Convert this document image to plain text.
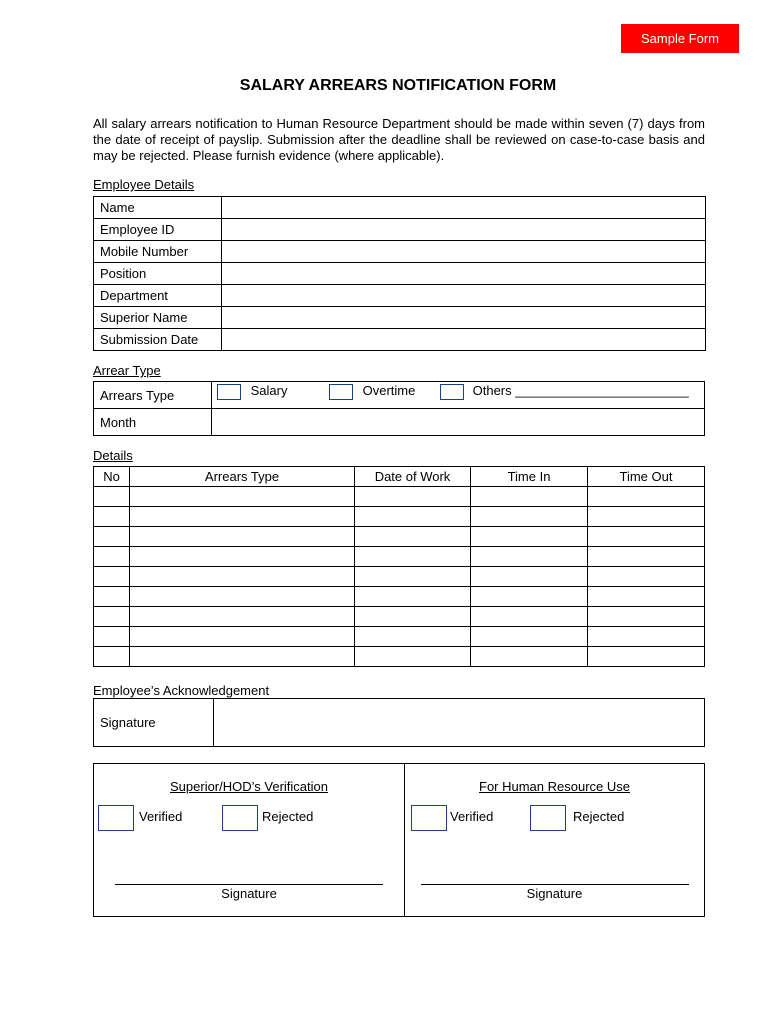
Sample Form
SALARY ARREARS NOTIFICATION FORM
All salary arrears notification to Human Resource Department should be made within seven (7) days from the date of receipt of payslip. Submission after the deadline shall be reviewed on case-to-case basis and may be rejected. Please furnish evidence (where applicable).
Employee Details
Name	
Employee ID	
Mobile Number	
Position	
Department	
Superior Name	
Submission Date	
Arrear Type
Arrears Type	Salary Overtime Others ________________________

Month	
Details
No	Arrears Type	Date of Work	Time In	Time Out

Employee’s Acknowledgement
Signature	
Superior/HOD’s Verification
Verified	Rejected
Signature
For Human Resource Use
Verified	Rejected
Signature
